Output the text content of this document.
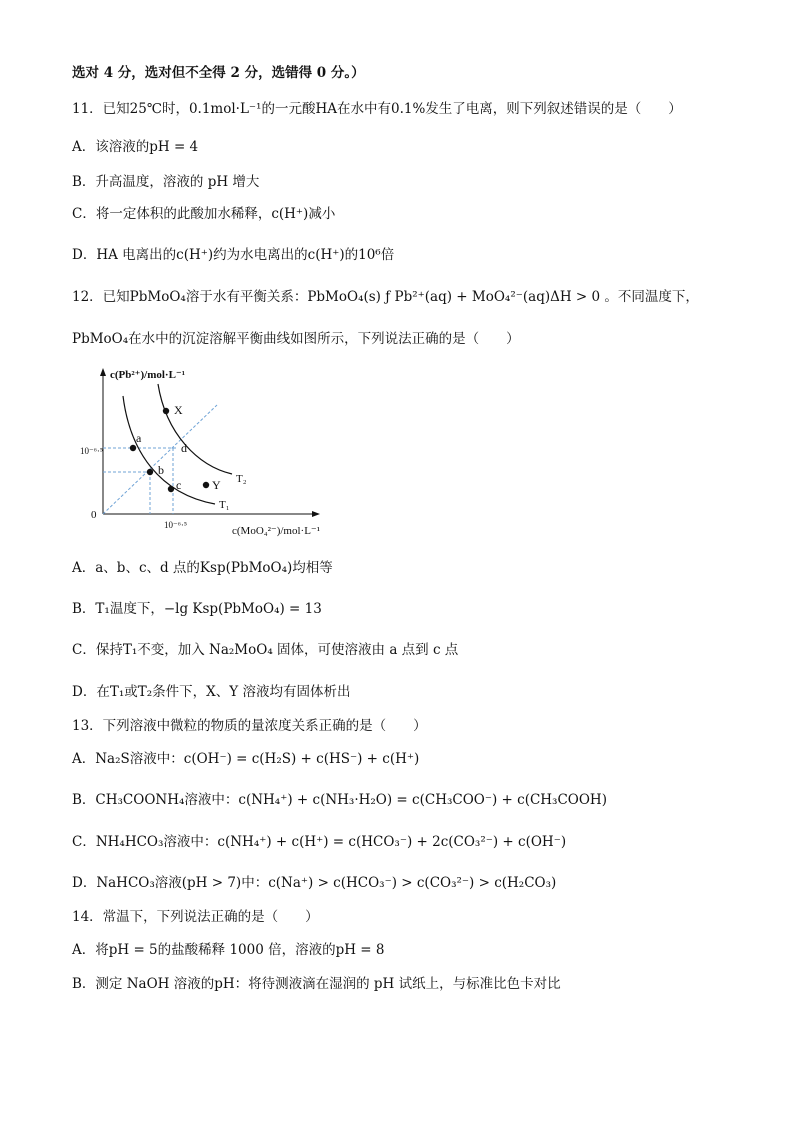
选对 4 分，选对但不全得 2 分，选错得 0 分。）
11．已知25℃时，0.1mol·L⁻¹的一元酸HA在水中有0.1%发生了电离，则下列叙述错误的是（　　）
A．该溶液的pH = 4
B．升高温度，溶液的 pH 增大
C．将一定体积的此酸加水稀释，c(H⁺)减小
D．HA 电离出的c(H⁺)约为水电离出的c(H⁺)的10⁶倍
12．已知PbMoO₄溶于水有平衡关系：PbMoO₄(s) ƒ Pb²⁺(aq) + MoO₄²⁻(aq)ΔH > 0 。不同温度下，
PbMoO₄在水中的沉淀溶解平衡曲线如图所示，下列说法正确的是（　　）
c(Pb²⁺)/mol·L⁻¹
c(MoO₄²⁻)/mol·L⁻¹
0
10⁻⁶·⁵
10⁻⁶·⁵
T₂
T₁
X
a
d
b
c	Y
A．a、b、c、d 点的Ksp(PbMoO₄)均相等
B．T₁温度下，−lg Ksp(PbMoO₄) = 13
C．保持T₁不变，加入 Na₂MoO₄ 固体，可使溶液由 a 点到 c 点
D．在T₁或T₂条件下，X、Y 溶液均有固体析出
13．下列溶液中微粒的物质的量浓度关系正确的是（　　）
A．Na₂S溶液中：c(OH⁻) = c(H₂S) + c(HS⁻) + c(H⁺)
B．CH₃COONH₄溶液中：c(NH₄⁺) + c(NH₃·H₂O) = c(CH₃COO⁻) + c(CH₃COOH)
C．NH₄HCO₃溶液中：c(NH₄⁺) + c(H⁺) = c(HCO₃⁻) + 2c(CO₃²⁻) + c(OH⁻)
D．NaHCO₃溶液(pH > 7)中：c(Na⁺) > c(HCO₃⁻) > c(CO₃²⁻) > c(H₂CO₃)
14．常温下，下列说法正确的是（　　）
A．将pH = 5的盐酸稀释 1000 倍，溶液的pH = 8
B．测定 NaOH 溶液的pH：将待测液滴在湿润的 pH 试纸上，与标准比色卡对比
